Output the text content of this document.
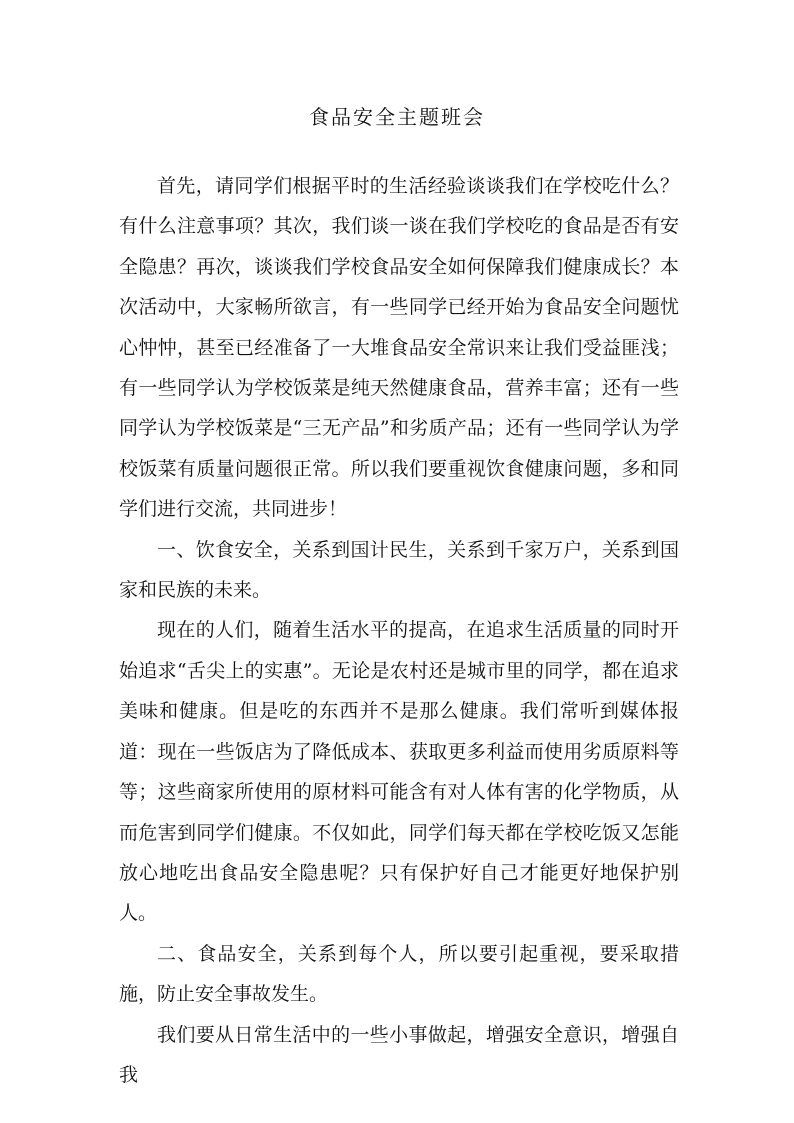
食品安全主题班会

首先，请同学们根据平时的生活经验谈谈我们在学校吃什么？有什么注意事项？其次，我们谈一谈在我们学校吃的食品是否有安全隐患？再次，谈谈我们学校食品安全如何保障我们健康成长？本次活动中，大家畅所欲言，有一些同学已经开始为食品安全问题忧心忡忡，甚至已经准备了一大堆食品安全常识来让我们受益匪浅；有一些同学认为学校饭菜是纯天然健康食品，营养丰富；还有一些同学认为学校饭菜是“三无产品”和劣质产品；还有一些同学认为学校饭菜有质量问题很正常。所以我们要重视饮食健康问题，多和同学们进行交流，共同进步！

一、饮食安全，关系到国计民生，关系到千家万户，关系到国家和民族的未来。

现在的人们，随着生活水平的提高，在追求生活质量的同时开始追求“舌尖上的实惠”。无论是农村还是城市里的同学，都在追求美味和健康。但是吃的东西并不是那么健康。我们常听到媒体报道：现在一些饭店为了降低成本、获取更多利益而使用劣质原料等等；这些商家所使用的原材料可能含有对人体有害的化学物质，从而危害到同学们健康。不仅如此，同学们每天都在学校吃饭又怎能放心地吃出食品安全隐患呢？只有保护好自己才能更好地保护别人。

二、食品安全，关系到每个人，所以要引起重视，要采取措施，防止安全事故发生。

我们要从日常生活中的一些小事做起，增强安全意识，增强自我
